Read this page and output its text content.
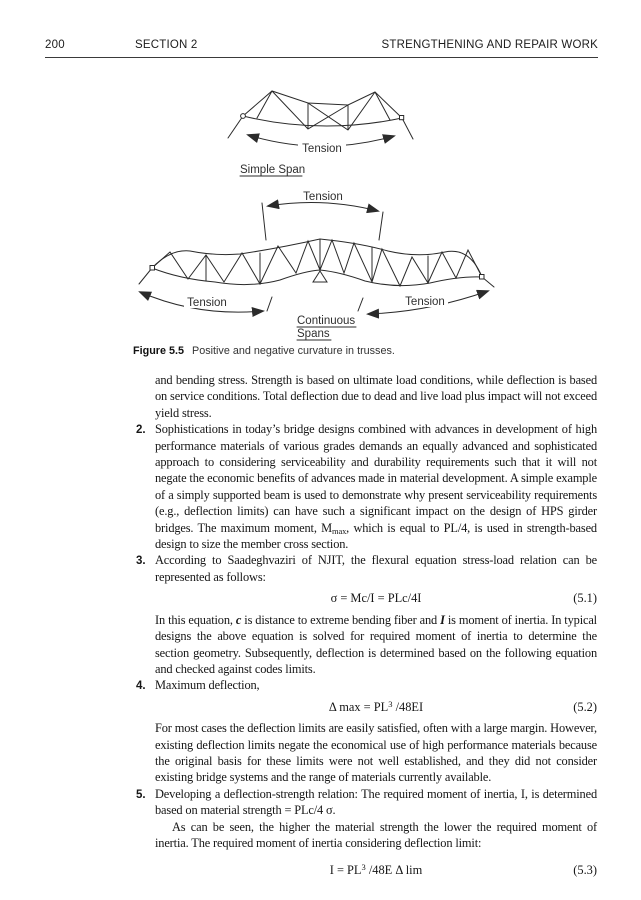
200	SECTION 2	STRENGTHENING AND REPAIR WORK
Tension
Simple Span
Tension
Tension	Tension
Continuous
Spans
Figure 5.5 Positive and negative curvature in trusses.

and bending stress. Strength is based on ultimate load conditions, while deflection is based on service conditions. Total deflection due to dead and live load plus impact will not exceed yield stress.

2. Sophistications in today’s bridge designs combined with advances in development of high performance materials of various grades demands an equally advanced and sophisticated approach to considering serviceability and durability requirements such that it will not negate the economic benefits of advances made in material development. A simple example of a simply supported beam is used to demonstrate why present serviceability requirements (e.g., deflection limits) can have such a significant impact on the design of HPS girder bridges. The maximum moment, $M_{max}$, which is equal to PL/4, is used in strength-based design to size the member cross section.
3. According to Saadeghvaziri of NJIT, the flexural equation stress-load relation can be represented as follows:
σ = Mc/I = PLc/4I	(5.1)

In this equation, c is distance to extreme bending fiber and I is moment of inertia. In typical designs the above equation is solved for required moment of inertia to determine the section geometry. Subsequently, deflection is determined based on the following equation and checked against codes limits.

4. Maximum deflection,
Δ $\max = PL^3$ /48EI	(5.2)

For most cases the deflection limits are easily satisfied, often with a large margin. However, existing deflection limits negate the economical use of high performance materials because the original basis for these limits were not well established, and they did not consider existing bridge systems and the range of materials currently available.

5. Developing a deflection-strength relation: The required moment of inertia, I, is determined based on material strength = PLc/4 σ.

As can be seen, the higher the material strength the lower the required moment of inertia. The required moment of inertia considering deflection limit:

$I = PL^3$ /48E Δ lim	(5.3)
